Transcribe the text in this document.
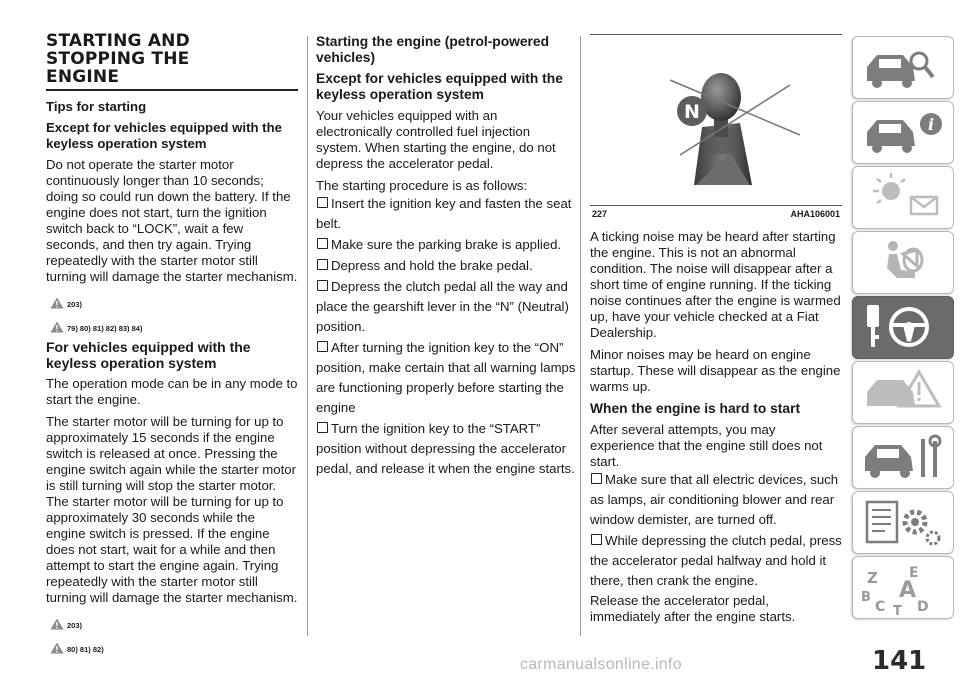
STARTING AND
STOPPING THE
ENGINE
Tips for starting
Except for vehicles equipped with the keyless operation system
Do not operate the starter motor continuously longer than 10 seconds; doing so could run down the battery. If the engine does not start, turn the ignition switch back to “LOCK”, wait a few seconds, and then try again. Trying repeatedly with the starter motor still turning will damage the starter mechanism.
203)
79) 80) 81) 82) 83) 84)
For vehicles equipped with the keyless operation system
The operation mode can be in any mode to start the engine.
The starter motor will be turning for up to approximately 15 seconds if the engine switch is released at once. Pressing the engine switch again while the starter motor is still turning will stop the starter motor. The starter motor will be turning for up to approximately 30 seconds while the engine switch is pressed. If the engine does not start, wait for a while and then attempt to start the engine again. Trying repeatedly with the starter motor still turning will damage the starter mechanism.
203)
80) 81) 82)
Starting the engine (petrol-powered vehicles)
Except for vehicles equipped with the keyless operation system
Your vehicles equipped with an electronically controlled fuel injection system. When starting the engine, do not depress the accelerator pedal.
The starting procedure is as follows:
Insert the ignition key and fasten the seat belt.
Make sure the parking brake is applied.
Depress and hold the brake pedal.
Depress the clutch pedal all the way and place the gearshift lever in the “N” (Neutral) position.
After turning the ignition key to the “ON” position, make certain that all warning lamps are functioning properly before starting the engine
Turn the ignition key to the “START” position without depressing the accelerator pedal, and release it when the engine starts.
N
227	AHA106001
A ticking noise may be heard after starting the engine. This is not an abnormal condition. The noise will disappear after a short time of engine running. If the ticking noise continues after the engine is warmed up, have your vehicle checked at a Fiat Dealership.
Minor noises may be heard on engine startup. These will disappear as the engine warms up.
When the engine is hard to start
After several attempts, you may experience that the engine still does not start.
Make sure that all electric devices, such as lamps, air conditioning blower and rear window demister, are turned off.
While depressing the clutch pedal, press the accelerator pedal halfway and hold it there, then crank the engine.
Release the accelerator pedal, immediately after the engine starts.
i
Z E
B A
C T D
carmanualsonline.info	141
